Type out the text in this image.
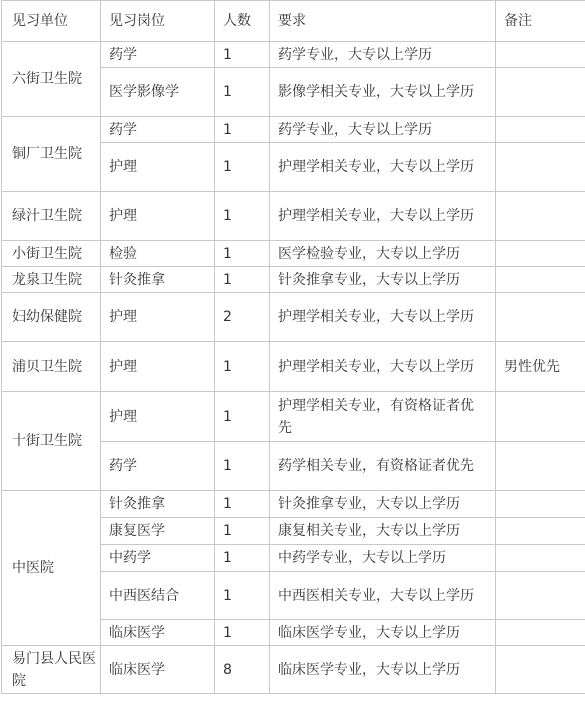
见习单位	见习岗位	人数	要求	备注
六街卫生院	药学	1	药学专业，大专以上学历	
	医学影像学	1	影像学相关专业，大专以上学历	
铜厂卫生院	药学	1	药学专业，大专以上学历	
	护理	1	护理学相关专业，大专以上学历	
绿汁卫生院	护理	1	护理学相关专业，大专以上学历	
小街卫生院	检验	1	医学检验专业，大专以上学历	
龙泉卫生院	针灸推拿	1	针灸推拿专业，大专以上学历	
妇幼保健院	护理	2	护理学相关专业，大专以上学历	
浦贝卫生院	护理	1	护理学相关专业，大专以上学历	男性优先
十街卫生院	护理	1	护理学相关专业，有资格证者优先	
	药学	1	药学相关专业，有资格证者优先	
中医院	针灸推拿	1	针灸推拿专业，大专以上学历	
	康复医学	1	康复相关专业，大专以上学历	
	中药学	1	中药学专业，大专以上学历	
	中西医结合	1	中西医相关专业，大专以上学历	
	临床医学	1	临床医学专业，大专以上学历	
易门县人民医院	临床医学	8	临床医学专业，大专以上学历	
